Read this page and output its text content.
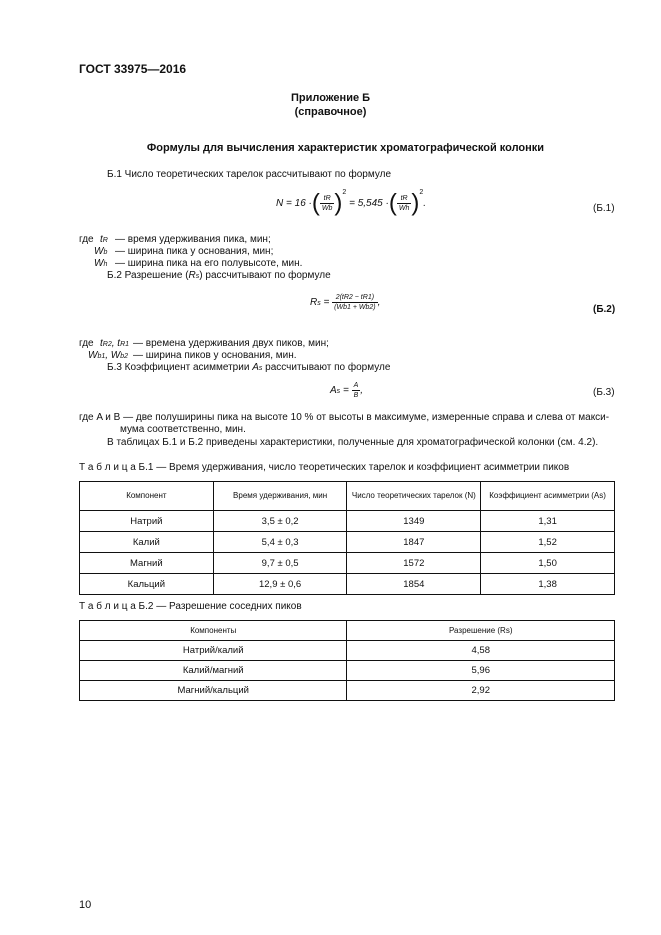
ГОСТ 33975—2016
Приложение Б
(справочное)
Формулы для вычисления характеристик хроматографической колонки
Б.1 Число теоретических тарелок рассчитывают по формуле
N = 16 ·( $\frac{tR}{Wb} )^2 = 5,545$ ·( $\frac{tR}{Wh} )^2$.	(Б.1)
где tR — время удерживания пика, мин;
Wb — ширина пика у основания, мин;
Wh — ширина пика на его полувысоте, мин.
Б.2 Разрешение (Rs) рассчитывают по формуле
$Rs = \frac{2(tR2 - tR1)}{(Wb1 + Wb2)}$ ,
(Б.2)
где tR2, tR1 — времена удерживания двух пиков, мин;
Wb1, Wb2 — ширина пиков у основания, мин.
Б.3 Коэффициент асимметрии As рассчитывают по формуле
$As = \frac{A}{B}$ ,	(Б.3)
где A и B — две полуширины пика на высоте 10 % от высоты в максимуме, измеренные справа и слева от макси-
мума соответственно, мин.
В таблицах Б.1 и Б.2 приведены характеристики, полученные для хроматографической колонки (см. 4.2).
Т а б л и ц а Б.1 — Время удерживания, число теоретических тарелок и коэффициент асимметрии пиков
Компонент	Время удерживания, мин	Число теоретических тарелок (N)	Коэффициент асимметрии (As)
Натрий	3,5 ± 0,2	1349	1,31
Калий	5,4 ± 0,3	1847	1,52
Магний	9,7 ± 0,5	1572	1,50
Кальций	12,9 ± 0,6	1854	1,38
Т а б л и ц а Б.2 — Разрешение соседних пиков
Компоненты	Разрешение (Rs)
Натрий/калий	4,58
Калий/магний	5,96
Магний/кальций	2,92
10
